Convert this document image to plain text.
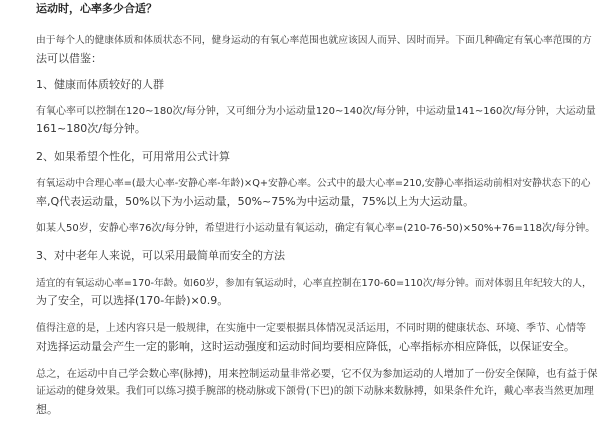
运动时，心率多少合适？
由于每个人的健康体质和体质状态不同，健身运动的有氧心率范围也就应该因人而异、因时而异。下面几种确定有氧心率范围的方
法可以借鉴：
1、健康而体质较好的人群
有氧心率可以控制在120~180次/每分钟，又可细分为小运动量120~140次/每分钟，中运动量141~160次/每分钟，大运动量
161~180次/每分钟。
2、如果希望个性化，可用常用公式计算
有氧运动中合理心率=(最大心率-安静心率-年龄)×Q+安静心率。公式中的最大心率=210,安静心率指运动前相对安静状态下的心
率,Q代表运动量，50%以下为小运动量，50%~75%为中运动量，75%以上为大运动量。
如某人50岁，安静心率76次/每分钟，希望进行小运动量有氧运动，确定有氧心率=(210-76-50)×50%+76=118次/每分钟。
3、对中老年人来说，可以采用最简单而安全的方法
适宜的有氧运动心率=170-年龄。如60岁，参加有氧运动时，心率直控制在170-60=110次/每分钟。而对体弱且年纪较大的人，
为了安全，可以选择(170-年龄)×0.9。
值得注意的是，上述内容只是一般规律，在实施中一定要根据具体情况灵活运用，不同时期的健康状态、环境、季节、心情等
对选择运动量会产生一定的影响，这时运动强度和运动时间均要相应降低，心率指标亦相应降低，以保证安全。
总之，在运动中自己学会数心率(脉搏)，用来控制运动量非常必要，它不仅为参加运动的人增加了一份安全保障，也有益于保
证运动的健身效果。我们可以练习摸手腕部的桡动脉或下颌骨(下巴)的颌下动脉来数脉搏，如果条件允许，戴心率表当然更加理
想。
